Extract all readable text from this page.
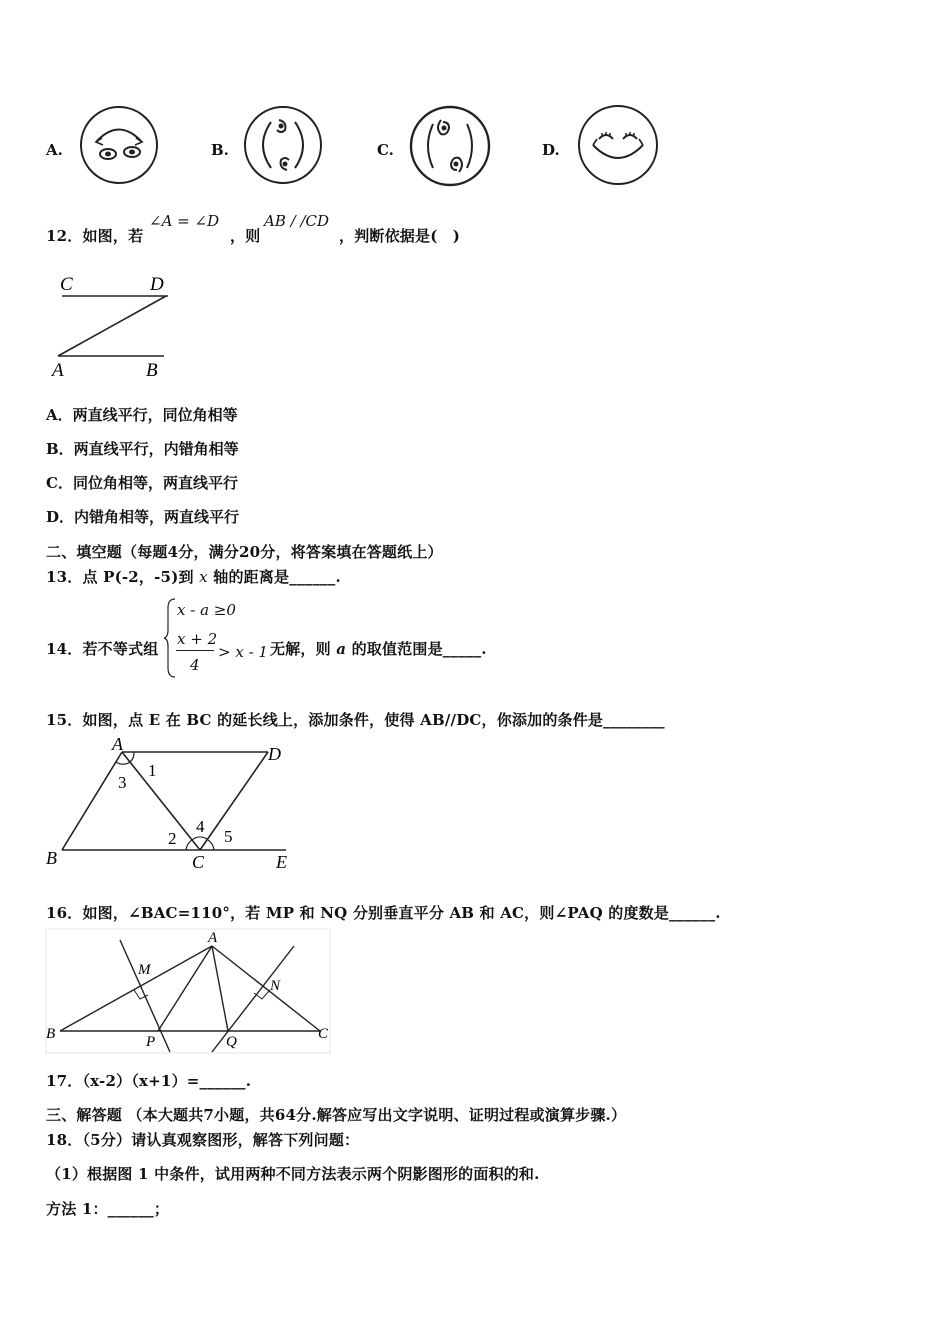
A.	B.	C.	D.
12．如图，若
∠A = ∠D
，则
AB / /CD
，判断依据是(　)
C	D
A	B
A．两直线平行，同位角相等
B．两直线平行，内错角相等
C．同位角相等，两直线平行
D．内错角相等，两直线平行
二、填空题（每题4分，满分20分，将答案填在答题纸上）
13．点 P(-2，-5)到 x 轴的距离是______.
14．若不等式组
x - a ≥0
x + 2
4
> x - 1 无解，则 a 的取值范围是_____.
15．如图，点 E 在 BC 的延长线上，添加条件，使得 AB//DC，你添加的条件是________
A	D
B	C	E
1
2
3
4
5
16．如图，∠BAC=110°，若 MP 和 NQ 分别垂直平分 AB 和 AC，则∠PAQ 的度数是______.
A
M
N
B	P	Q	C
17．（x-2）（x+1）=______.
三、解答题 （本大题共7小题，共64分.解答应写出文字说明、证明过程或演算步骤.）
18．（5分）请认真观察图形，解答下列问题：
（1）根据图 1 中条件，试用两种不同方法表示两个阴影图形的面积的和.
方法 1：______；
